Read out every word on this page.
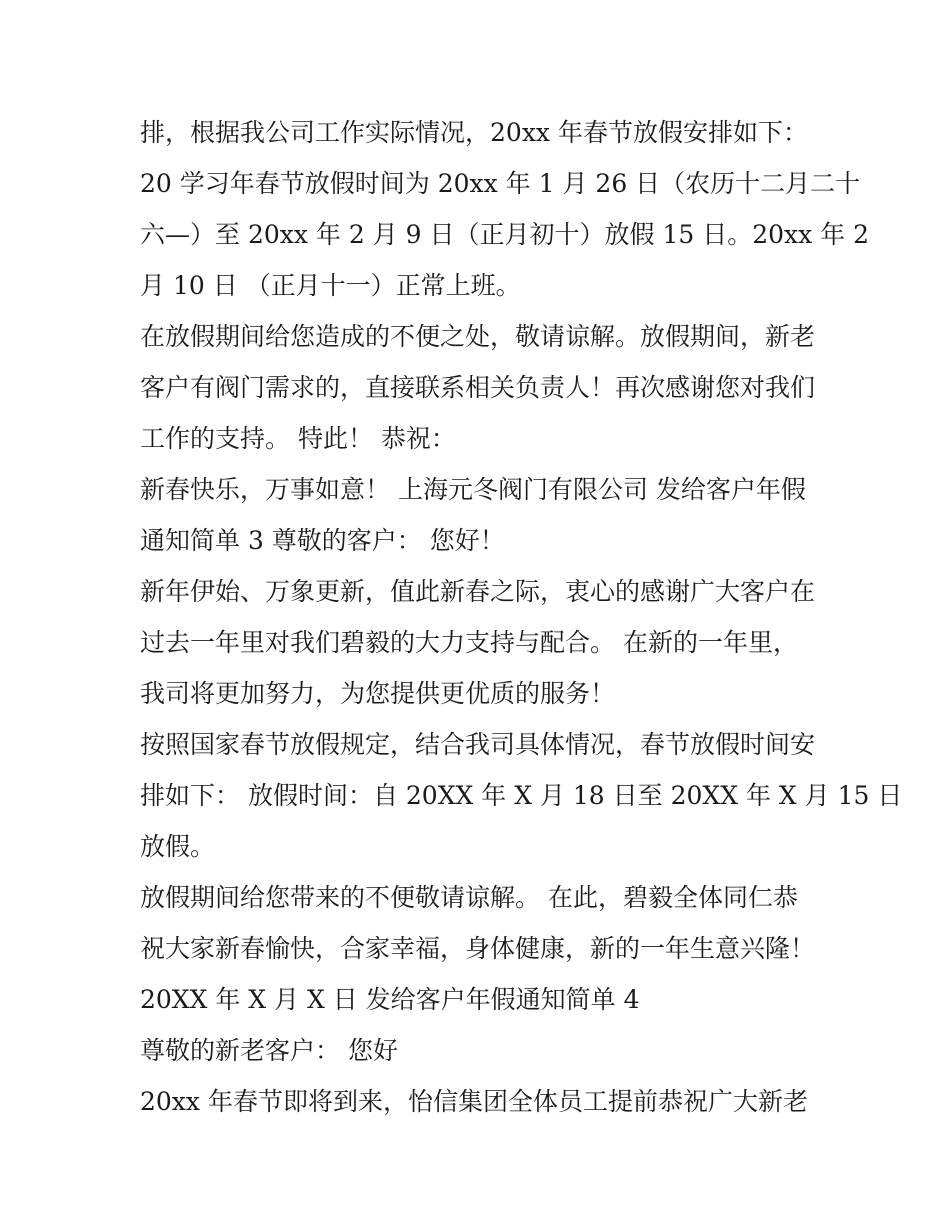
排，根据我公司工作实际情况，20xx 年春节放假安排如下：
20 学习年春节放假时间为 20xx 年 1 月 26 日（农历十二月二十
六—）至 20xx 年 2 月 9 日（正月初十）放假 15 日。20xx 年 2
月 10 日 （正月十一）正常上班。
在放假期间给您造成的不便之处，敬请谅解。放假期间，新老
客户有阀门需求的，直接联系相关负责人！再次感谢您对我们
工作的支持。 特此！ 恭祝：
新春快乐，万事如意！ 上海元冬阀门有限公司 发给客户年假
通知简单 3 尊敬的客户： 您好！
新年伊始、万象更新，值此新春之际，衷心的感谢广大客户在
过去一年里对我们碧毅的大力支持与配合。 在新的一年里，
我司将更加努力，为您提供更优质的服务！
按照国家春节放假规定，结合我司具体情况，春节放假时间安
排如下： 放假时间：自 20XX 年 X 月 18 日至 20XX 年 X 月 15 日
放假。
放假期间给您带来的不便敬请谅解。 在此，碧毅全体同仁恭
祝大家新春愉快，合家幸福，身体健康，新的一年生意兴隆！
20XX 年 X 月 X 日 发给客户年假通知简单 4
尊敬的新老客户： 您好
20xx 年春节即将到来，怡信集团全体员工提前恭祝广大新老
